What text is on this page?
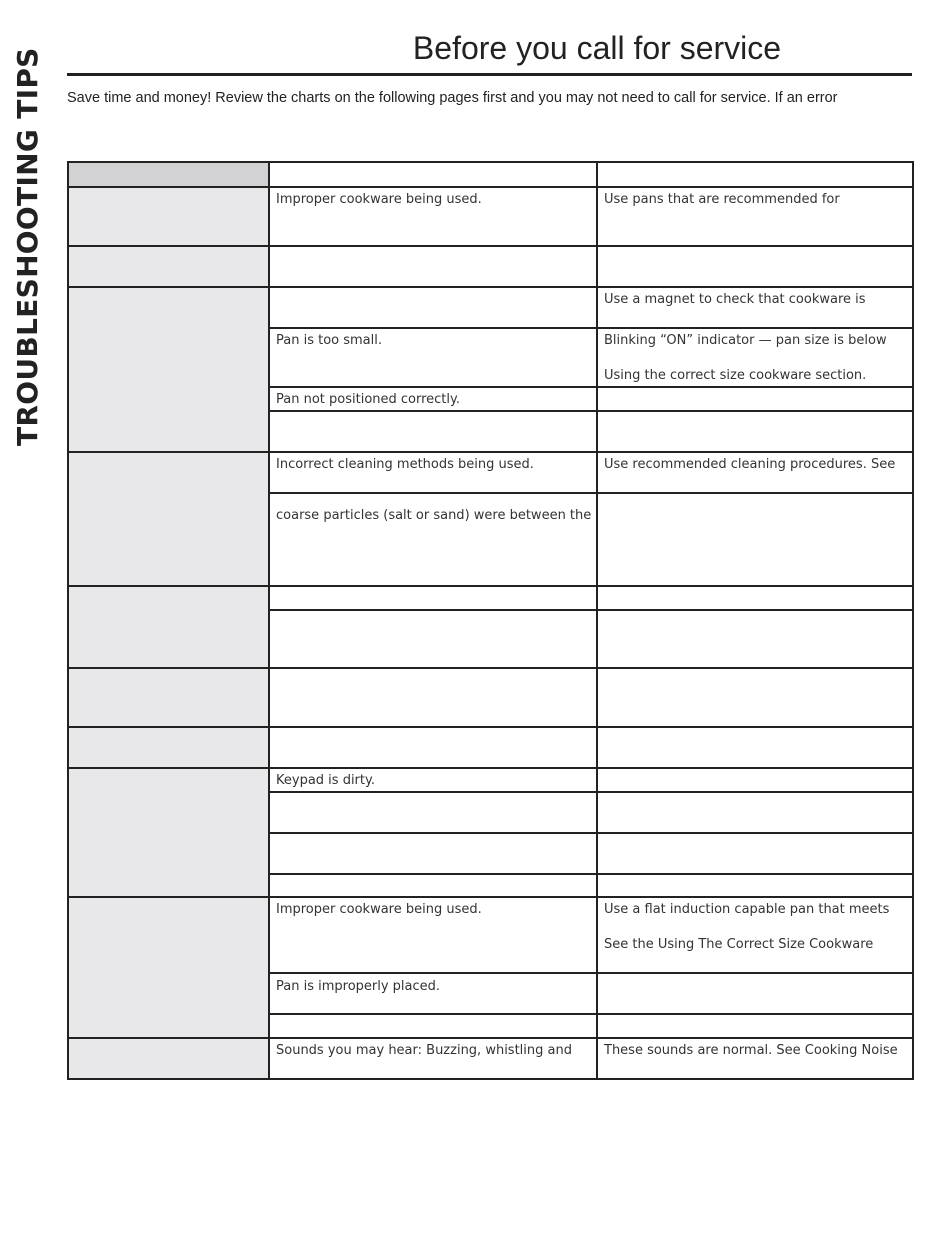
TROUBLESHOOTING TIPS	Before you call for service
Save time and money! Review the charts on the following pages first and you may not need to call for service. If an error

	Improper cookware being used.	Use pans that are recommended for

		Use a magnet to check that cookware is

	Pan is too small.	Blinking “ON” indicator — pan size is below
Using the correct size cookware section.

	Pan not positioned correctly.	

	Incorrect cleaning methods being used.	Use recommended cleaning procedures. See

	coarse particles (salt or sand) were between the	

	Keypad is dirty.	

	Improper cookware being used.	Use a flat induction capable pan that meets
See the Using The Correct Size Cookware

	Pan is improperly placed.	

	Sounds you may hear: Buzzing, whistling and	These sounds are normal. See Cooking Noise
